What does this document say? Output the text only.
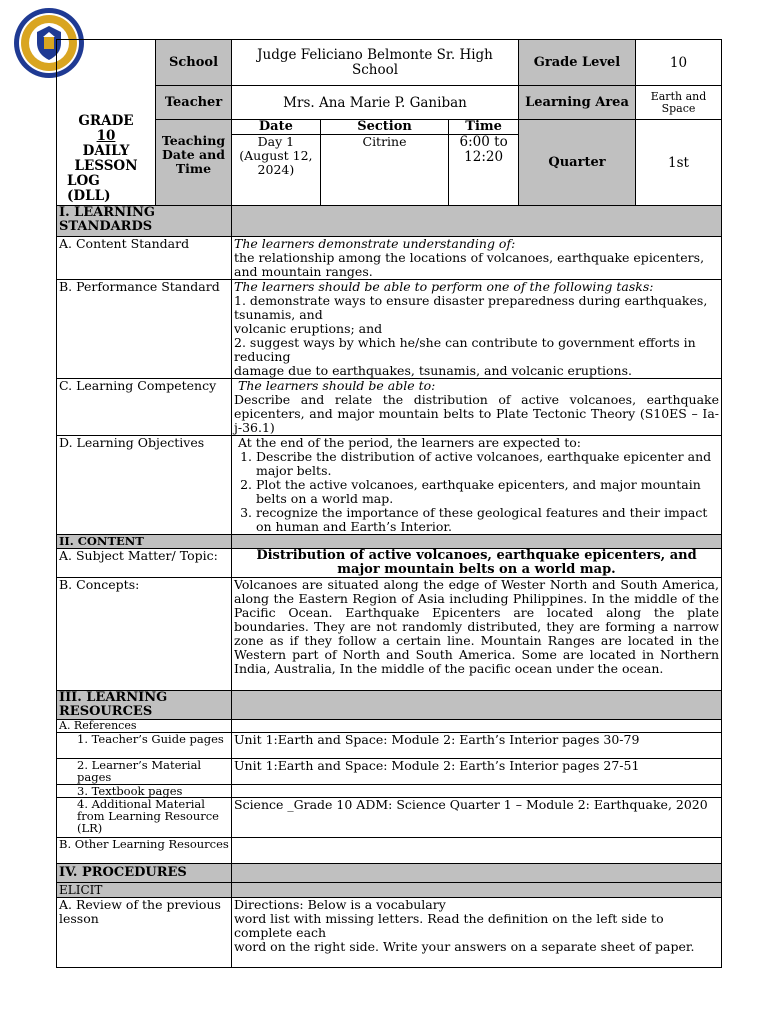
GRADE
10
DAILY
LESSON

LOG
(DLL)
	School	Judge Feliciano Belmonte Sr. High School	Grade Level	10
Teacher	Mrs. Ana Marie P. Ganiban	Learning Area	Earth and Space
Teaching Date and Time	
Date	Section	Time
Day 1 (August 12, 2024)	Citrine	6:00 to 12:20
		Quarter	1st
I. LEARNING STANDARDS	
A. Content Standard	The learners demonstrate understanding of:
the relationship among the locations of volcanoes, earthquake epicenters, and mountain ranges.
B. Performance Standard	The learners should be able to perform one of the following tasks:
1. demonstrate ways to ensure disaster preparedness during earthquakes, tsunamis, and
volcanic eruptions; and
2. suggest ways by which he/she can contribute to government efforts in reducing
damage due to earthquakes, tsunamis, and volcanic eruptions.
C. Learning Competency	The learners should be able to:
Describe and relate the distribution of active volcanoes, earthquake epicenters, and major mountain belts to Plate Tectonic Theory (S10ES – Ia-j-36.1)
D. Learning Objectives	At the end of the period, the learners are expected to:
1. Describe the distribution of active volcanoes, earthquake epicenter and major belts.
2. Plot the active volcanoes, earthquake epicenters, and major mountain belts on a world map.
3. recognize the importance of these geological features and their impact on human and Earth’s Interior.

II. CONTENT	
A. Subject Matter/ Topic:	Distribution of active volcanoes, earthquake epicenters, and major mountain belts on a world map.
B. Concepts:	Volcanoes are situated along the edge of Wester North and South America, along the Eastern Region of Asia including Philippines. In the middle of the Pacific Ocean. Earthquake Epicenters are located along the plate boundaries. They are not randomly distributed, they are forming a narrow zone as if they follow a certain line. Mountain Ranges are located in the Western part of North and South America. Some are located in Northern India, Australia, In the middle of the pacific ocean under the ocean.
III. LEARNING RESOURCES	
A. References	
1. Teacher’s Guide pages	Unit 1:Earth and Space: Module 2: Earth’s Interior pages 30-79
2. Learner’s Material pages	Unit 1:Earth and Space: Module 2: Earth’s Interior pages 27-51
3. Textbook pages	
4. Additional Material from Learning Resource (LR)	Science _Grade 10 ADM: Science Quarter 1 – Module 2: Earthquake, 2020
B. Other Learning Resources	
IV. PROCEDURES	
ELICIT	
A. Review of the previous lesson	Directions: Below is a vocabulary
word list with missing letters. Read the definition on the left side to complete each
word on the right side. Write your answers on a separate sheet of paper.
